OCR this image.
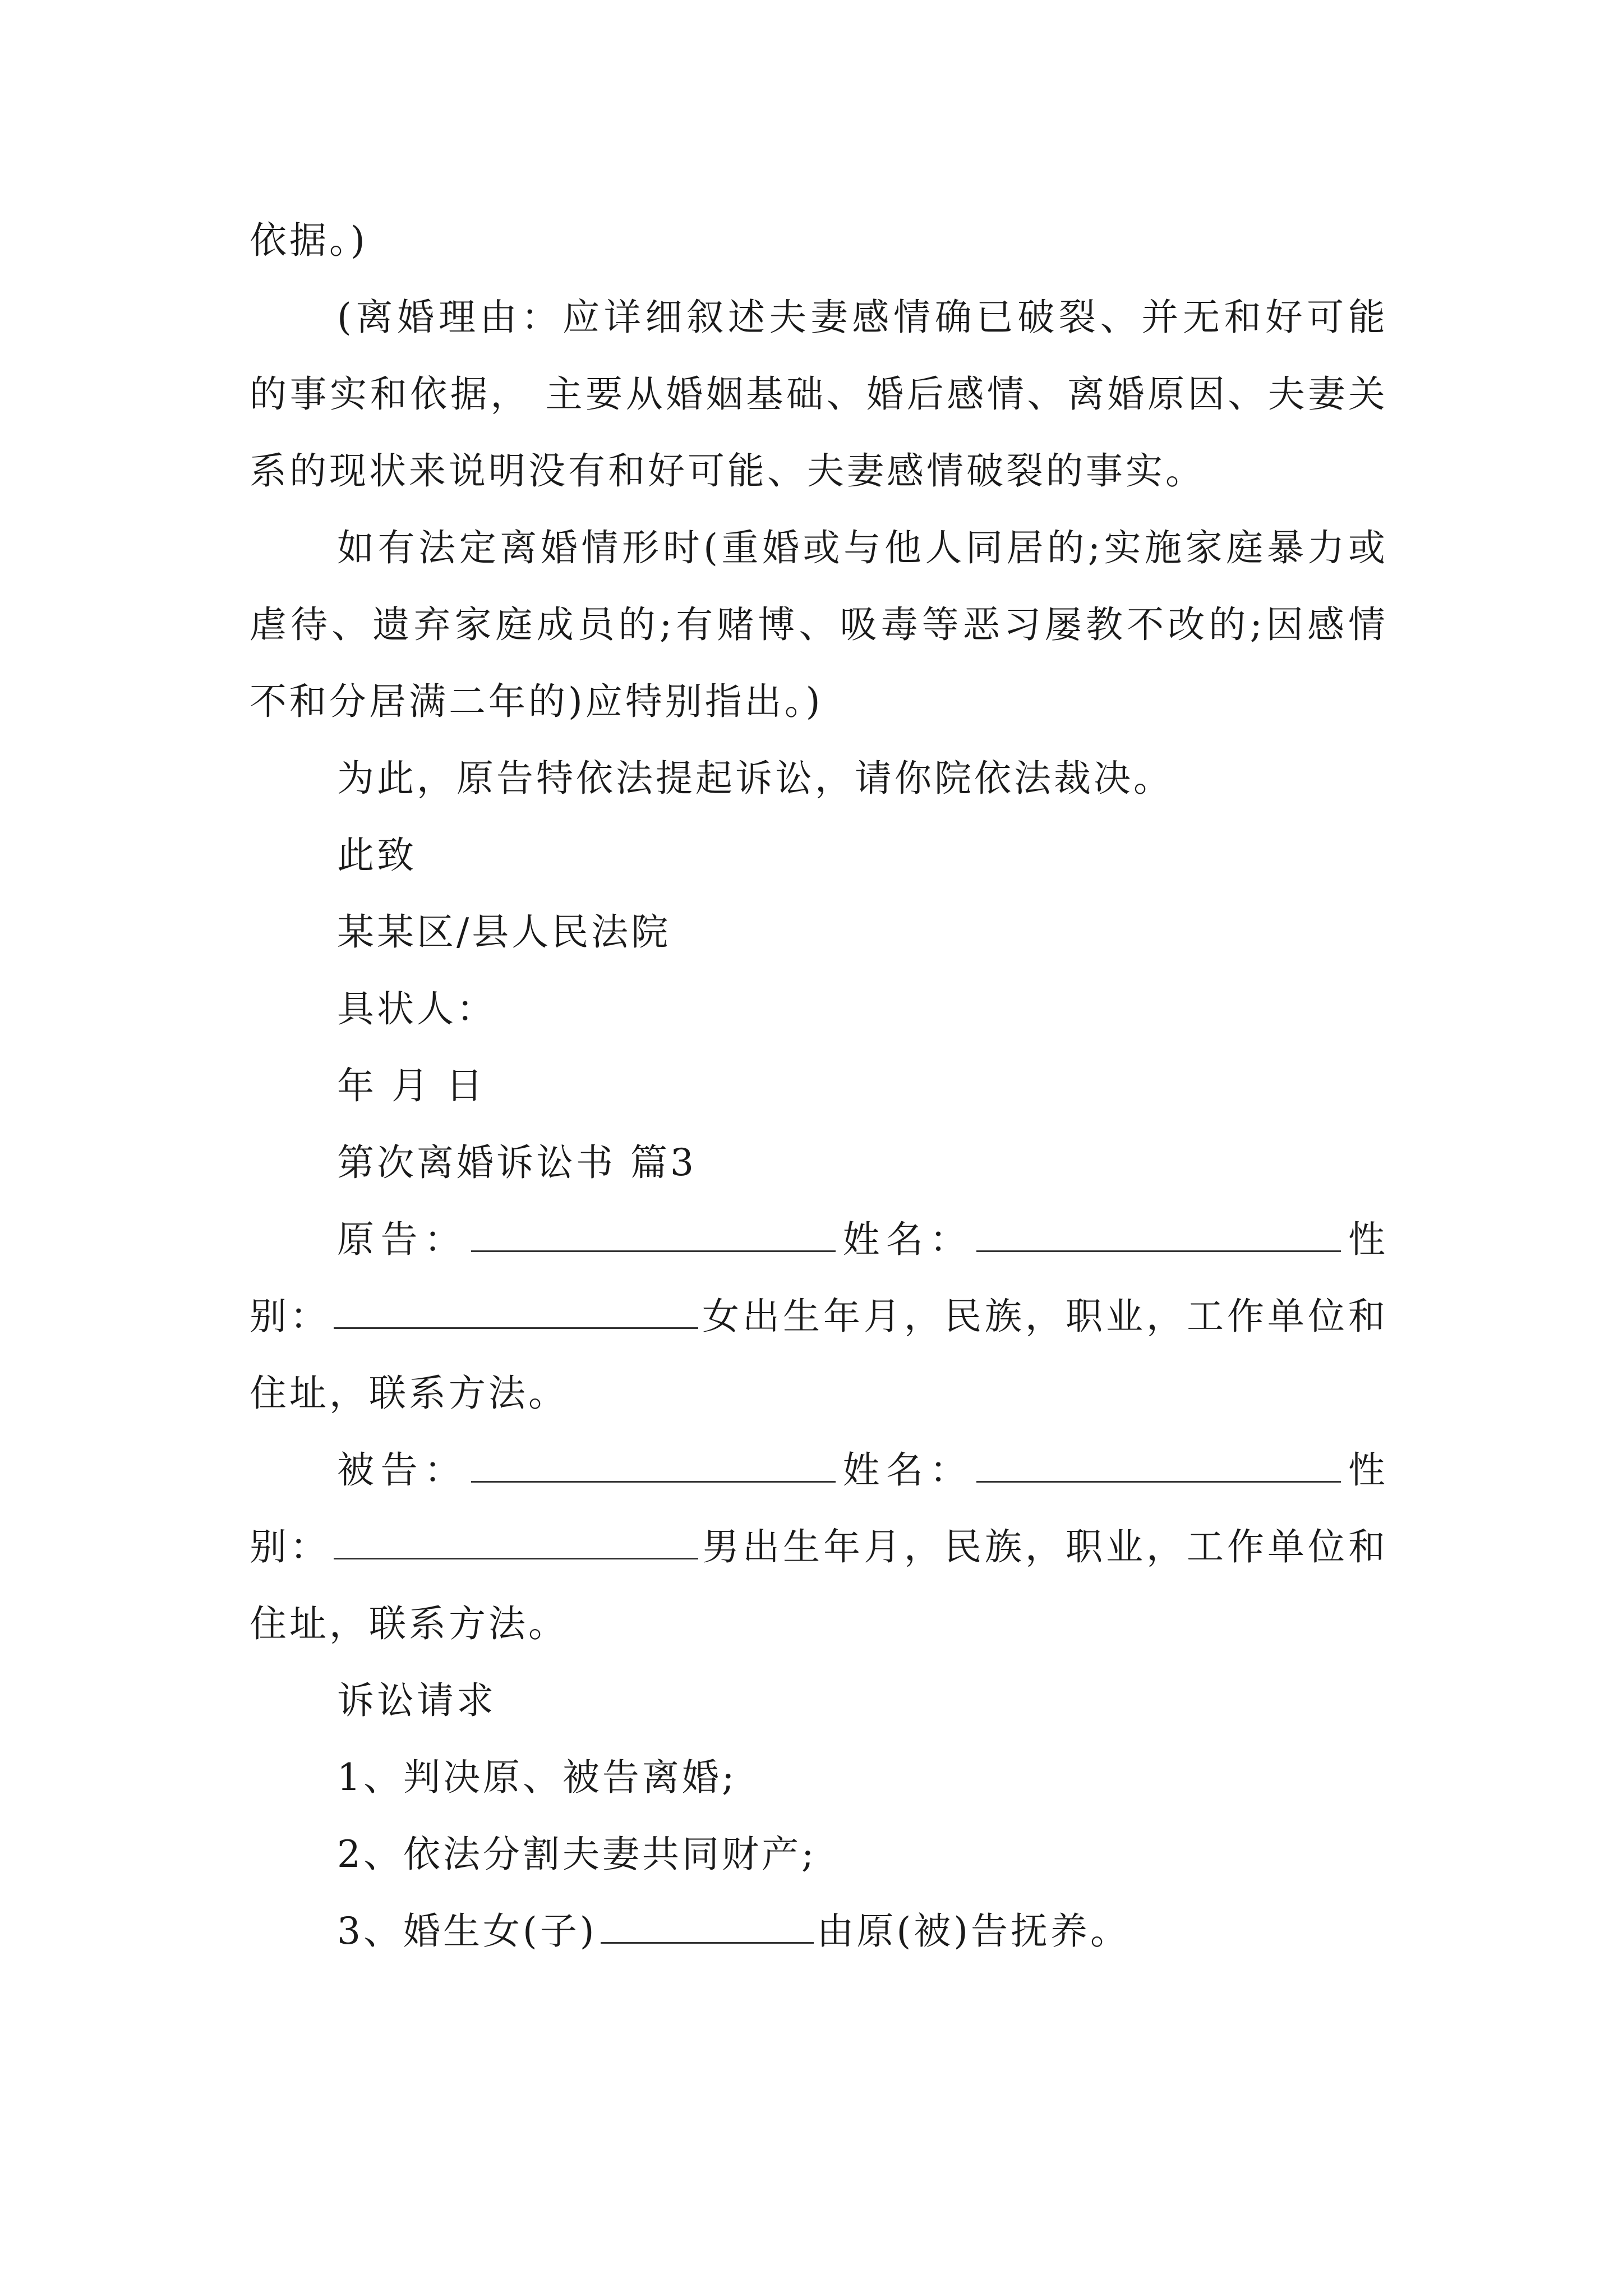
依据。)

(离婚理由：应详细叙述夫妻感情确已破裂、并无和好可能的事实和依据， 主要从婚姻基础、婚后感情、离婚原因、夫妻关系的现状来说明没有和好可能、夫妻感情破裂的事实。

如有法定离婚情形时(重婚或与他人同居的;实施家庭暴力或虐待、遗弃家庭成员的;有赌博、吸毒等恶习屡教不改的;因感情不和分居满二年的)应特别指出。)

为此，原告特依法提起诉讼，请你院依法裁决。

此致

某某区/县人民法院

具状人：

年 月 日

第次离婚诉讼书 篇3

原告：	姓名：	性别：	女出生年月，民族，职业，工作单位和住址，联系方法。

被告：	姓名：	性别：	男出生年月，民族，职业，工作单位和住址，联系方法。

诉讼请求

1、判决原、被告离婚;

2、依法分割夫妻共同财产;

3、婚生女(子)	由原(被)告抚养。
